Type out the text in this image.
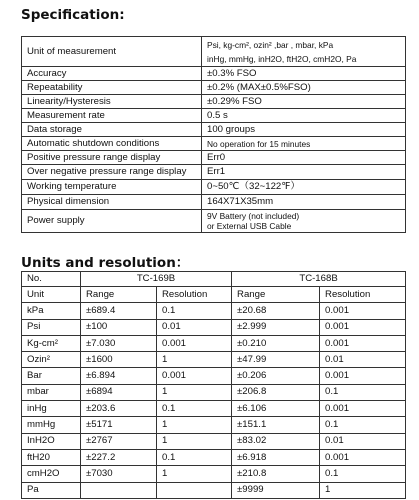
Specification:
Unit of measurement	Psi, kg-cm², ozin² ,bar , mbar, kPa
inHg, mmHg, inH2O, ftH2O, cmH2O, Pa

Accuracy	±0.3% FSO
Repeatability	±0.2% (MAX±0.5%FSO)
Linearity/Hysteresis	±0.29% FSO
Measurement rate	0.5 s
Data storage	100 groups
Automatic shutdown conditions	No operation for 15 minutes
Positive pressure range display	Err0
Over negative pressure range display	Err1
Working temperature	0~50℃（32~122℉）
Physical dimension	164X71X35mm
Power supply	9V Battery (not included)
or External USB Cable
Units and resolution：
No.	TC-169B		TC-168B	
Unit	Range	Resolution	Range	Resolution
kPa	±689.4	0.1	±20.68	0.001
Psi	±100	0.01	±2.999	0.001
Kg-cm²	±7.030	0.001	±0.210	0.001
Ozin²	±1600	1	±47.99	0.01
Bar	±6.894	0.001	±0.206	0.001
mbar	±6894	1	±206.8	0.1
inHg	±203.6	0.1	±6.106	0.001
mmHg	±5171	1	±151.1	0.1
InH2O	±2767	1	±83.02	0.01
ftH20	±227.2	0.1	±6.918	0.001
cmH2O	±7030	1	±210.8	0.1
Pa			±9999	1
